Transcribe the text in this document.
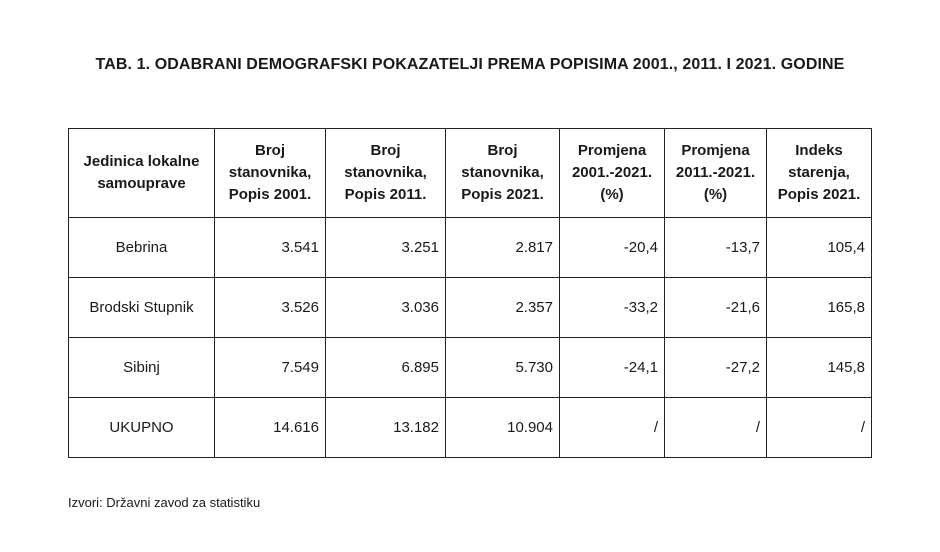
TAB. 1. ODABRANI DEMOGRAFSKI POKAZATELJI PREMA POPISIMA 2001., 2011. I 2021. GODINE
Jedinica lokalne samouprave	Broj stanovnika, Popis 2001.	Broj stanovnika, Popis 2011.	Broj stanovnika, Popis 2021.	Promjena 2001.-2021. (%)	Promjena 2011.-2021. (%)	Indeks starenja, Popis 2021.
Bebrina	3.541	3.251	2.817	-20,4	-13,7	105,4
Brodski Stupnik	3.526	3.036	2.357	-33,2	-21,6	165,8
Sibinj	7.549	6.895	5.730	-24,1	-27,2	145,8
UKUPNO	14.616	13.182	10.904	/	/	/
Izvori: Državni zavod za statistiku
